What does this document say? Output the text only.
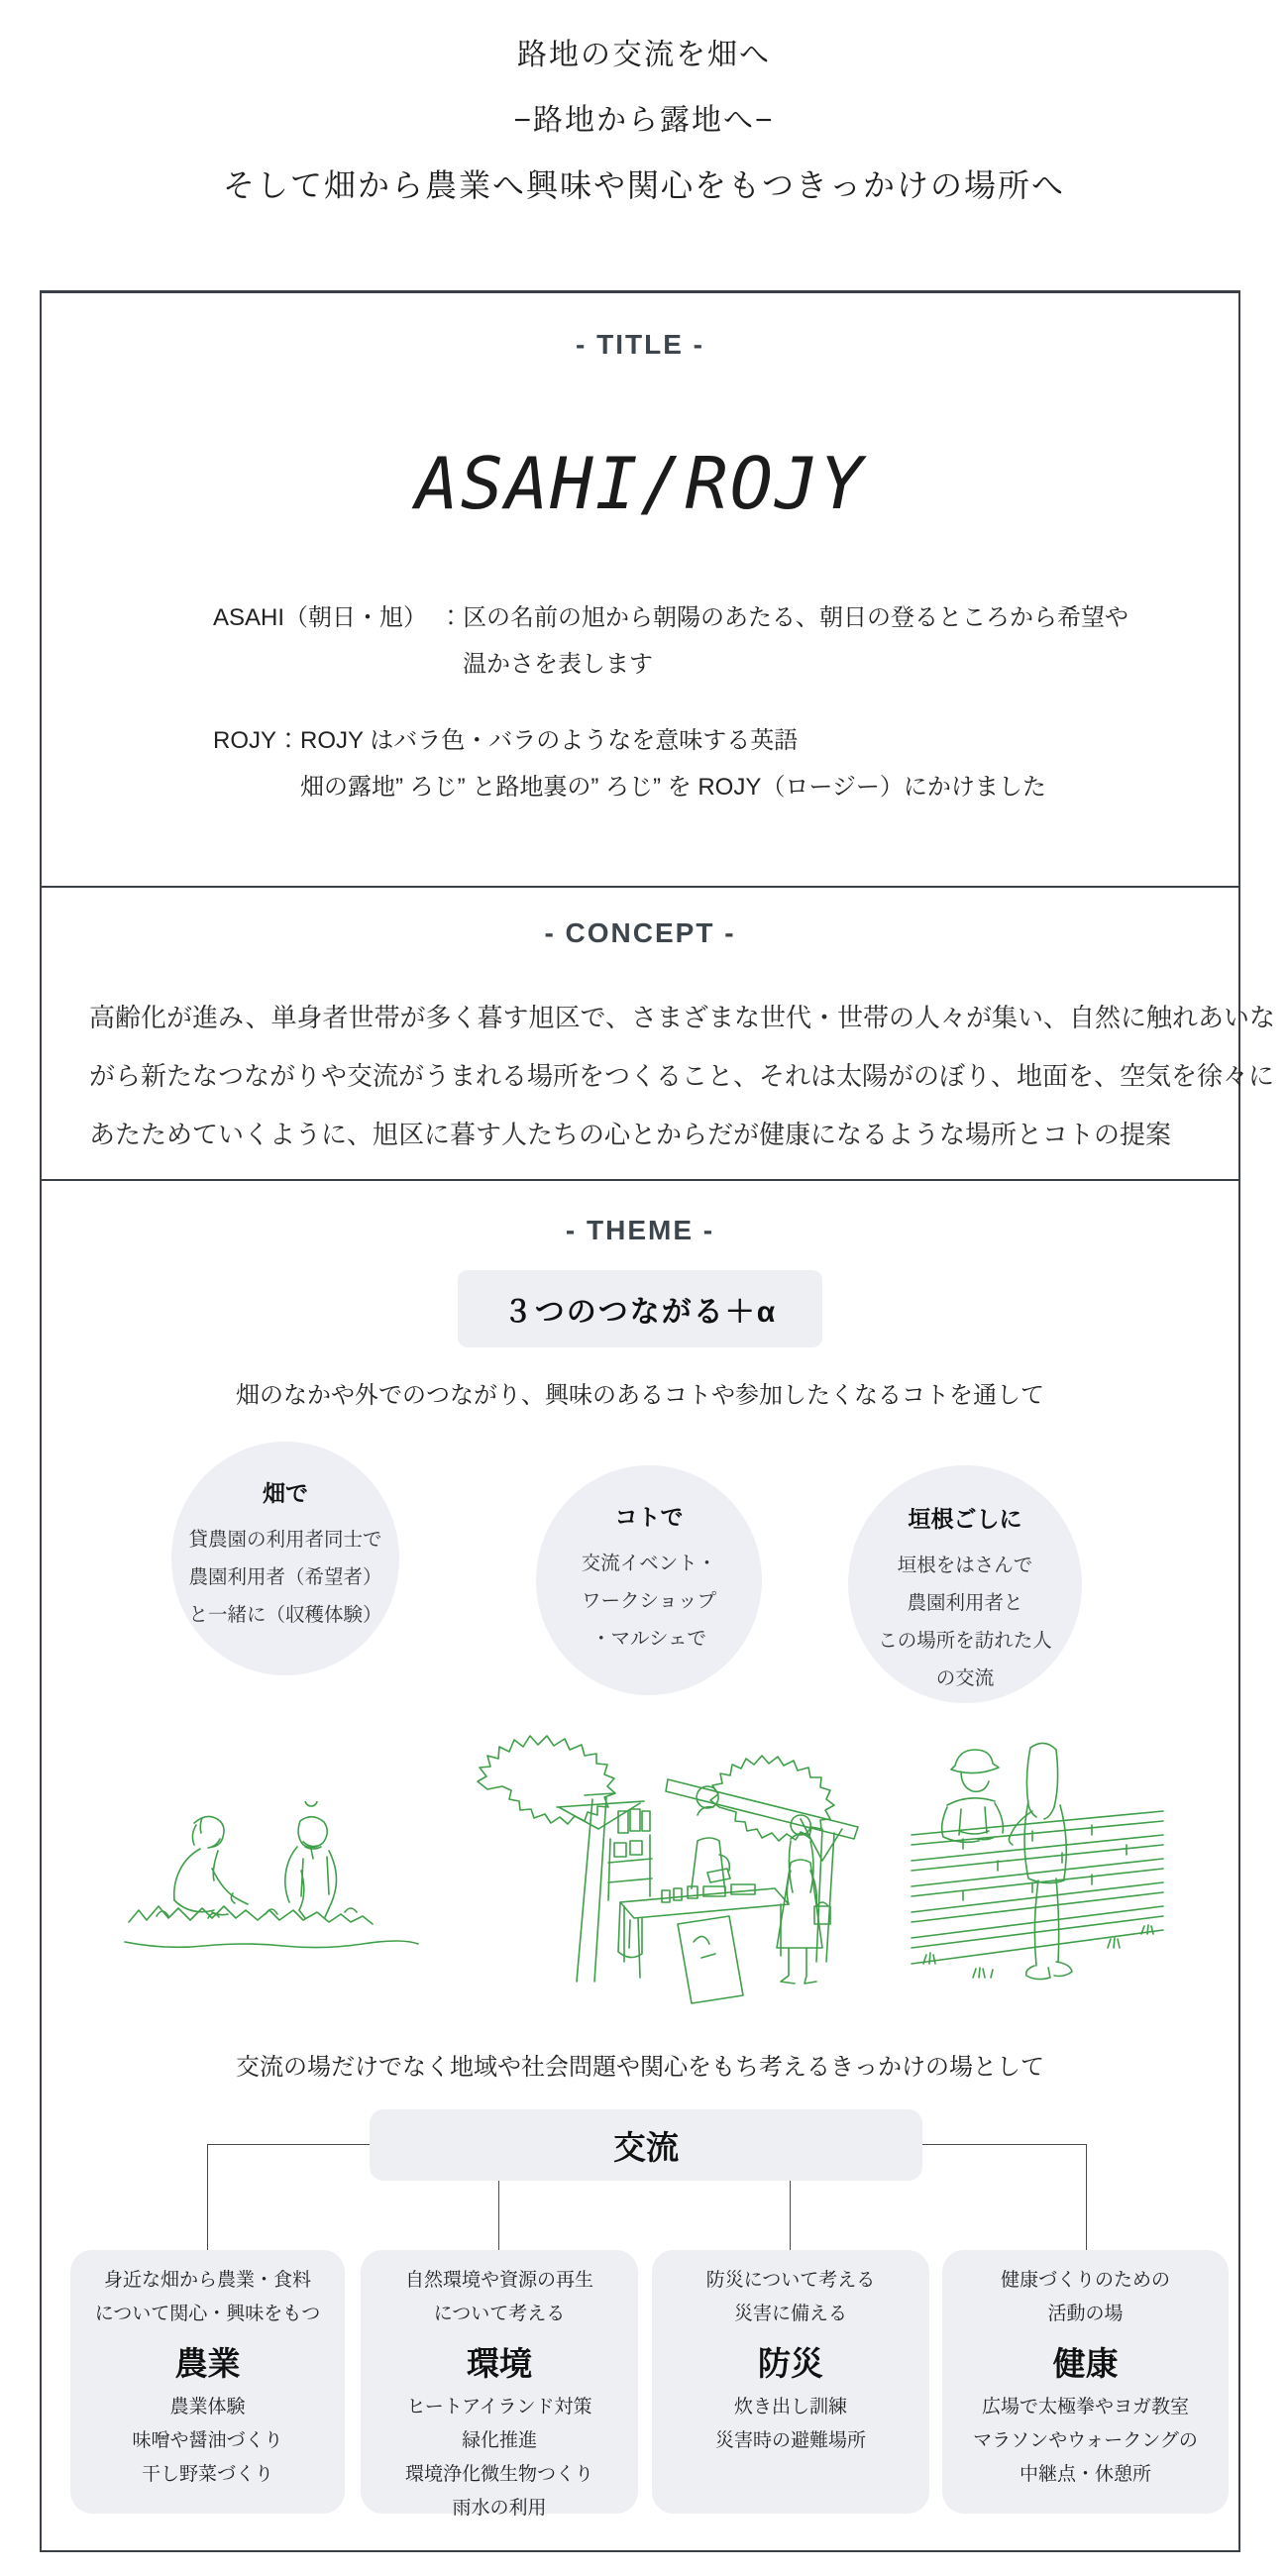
路地の交流を畑へ
−路地から露地へ−
そして畑から農業へ興味や関心をもつきっかけの場所へ
- TITLE -
ASAHI/ROJY
ASAHI（朝日・旭）　： 区の名前の旭から朝陽のあたる、朝日の登るところから希望や
温かさを表します
ROJY： ROJY はバラ色・バラのようなを意味する英語
畑の露地” ろじ” と路地裏の” ろじ” を ROJY（ロージー）にかけました
- CONCEPT -
高齢化が進み、単身者世帯が多く暮す旭区で、さまざまな世代・世帯の人々が集い、自然に触れあいな
がら新たなつながりや交流がうまれる場所をつくること、それは太陽がのぼり、地面を、空気を徐々に
あたためていくように、旭区に暮す人たちの心とからだが健康になるような場所とコトの提案
- THEME -
３つのつながる＋α
畑のなかや外でのつながり、興味のあるコトや参加したくなるコトを通して
畑で
貸農園の利用者同士で
農園利用者（希望者）
と一緒に（収穫体験）
コトで
交流イベント・
ワークショップ
・マルシェで
垣根ごしに
垣根をはさんで
農園利用者と
この場所を訪れた人
の交流
交流の場だけでなく地域や社会問題や関心をもち考えるきっかけの場として
交流
身近な畑から農業・食料
について関心・興味をもつ
農業
農業体験
味噌や醤油づくり
干し野菜づくり
自然環境や資源の再生
について考える
環境
ヒートアイランド対策
緑化推進
環境浄化微生物つくり
雨水の利用
防災について考える
災害に備える
防災
炊き出し訓練
災害時の避難場所
健康づくりのための
活動の場
健康
広場で太極拳やヨガ教室
マラソンやウォークングの
中継点・休憩所
